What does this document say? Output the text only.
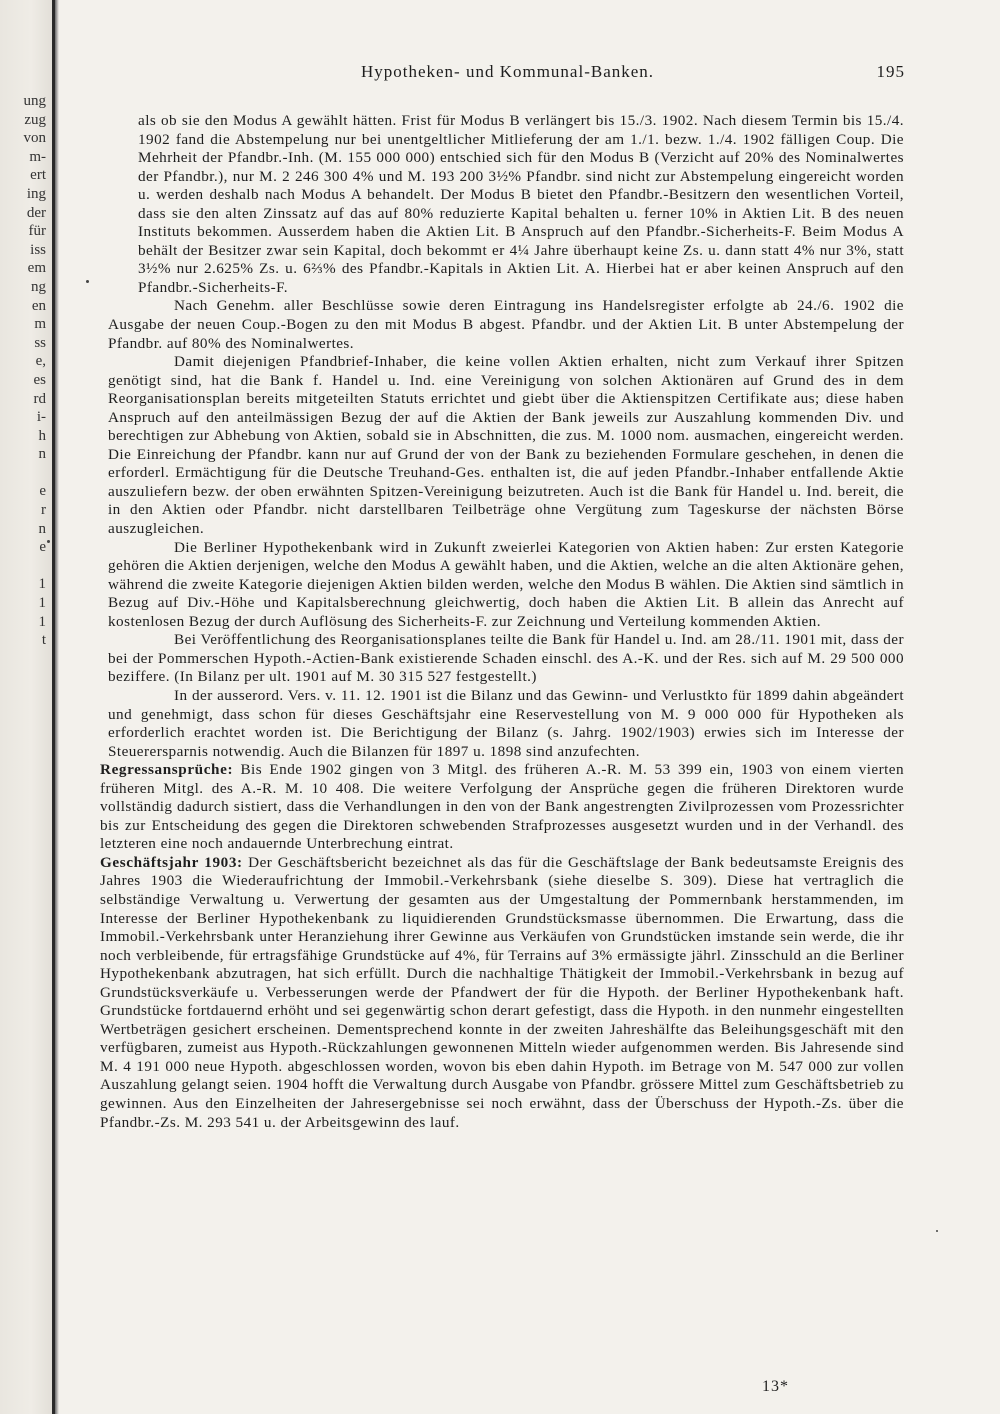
ung
zug
von
m-
ert
ing
der
für
iss
em
ng
en
m
ss
e,
es
rd
i-
h
n
e
r
n
e
1
1
1
t
Hypotheken- und Kommunal-Banken.	195

als ob sie den Modus A gewählt hätten. Frist für Modus B verlängert bis 15./3. 1902. Nach diesem Termin bis 15./4. 1902 fand die Abstempelung nur bei unentgeltlicher Mitlieferung der am 1./1. bezw. 1./4. 1902 fälligen Coup. Die Mehrheit der Pfandbr.-Inh. (M. 155 000 000) entschied sich für den Modus B (Verzicht auf 20% des Nominalwertes der Pfandbr.), nur M. 2 246 300 4% und M. 193 200 3½% Pfandbr. sind nicht zur Abstempelung eingereicht worden u. werden deshalb nach Modus A behandelt. Der Modus B bietet den Pfandbr.-Besitzern den wesentlichen Vorteil, dass sie den alten Zinssatz auf das auf 80% reduzierte Kapital behalten u. ferner 10% in Aktien Lit. B des neuen Instituts bekommen. Ausserdem haben die Aktien Lit. B Anspruch auf den Pfandbr.-Sicherheits-F. Beim Modus A behält der Besitzer zwar sein Kapital, doch bekommt er 4¼ Jahre überhaupt keine Zs. u. dann statt 4% nur 3%, statt 3½% nur 2.625% Zs. u. 6⅔% des Pfandbr.-Kapitals in Aktien Lit. A. Hierbei hat er aber keinen Anspruch auf den Pfandbr.-Sicherheits-F.

Nach Genehm. aller Beschlüsse sowie deren Eintragung ins Handelsregister erfolgte ab 24./6. 1902 die Ausgabe der neuen Coup.-Bogen zu den mit Modus B abgest. Pfandbr. und der Aktien Lit. B unter Abstempelung der Pfandbr. auf 80% des Nominalwertes.

Damit diejenigen Pfandbrief-Inhaber, die keine vollen Aktien erhalten, nicht zum Verkauf ihrer Spitzen genötigt sind, hat die Bank f. Handel u. Ind. eine Vereinigung von solchen Aktionären auf Grund des in dem Reorganisationsplan bereits mitgeteilten Statuts errichtet und giebt über die Aktienspitzen Certifikate aus; diese haben Anspruch auf den anteilmässigen Bezug der auf die Aktien der Bank jeweils zur Auszahlung kommenden Div. und berechtigen zur Abhebung von Aktien, sobald sie in Abschnitten, die zus. M. 1000 nom. ausmachen, eingereicht werden. Die Einreichung der Pfandbr. kann nur auf Grund der von der Bank zu beziehenden Formulare geschehen, in denen die erforderl. Ermächtigung für die Deutsche Treuhand-Ges. enthalten ist, die auf jeden Pfandbr.-Inhaber entfallende Aktie auszuliefern bezw. der oben erwähnten Spitzen-Vereinigung beizutreten. Auch ist die Bank für Handel u. Ind. bereit, die in den Aktien oder Pfandbr. nicht darstellbaren Teilbeträge ohne Vergütung zum Tageskurse der nächsten Börse auszugleichen.

Die Berliner Hypothekenbank wird in Zukunft zweierlei Kategorien von Aktien haben: Zur ersten Kategorie gehören die Aktien derjenigen, welche den Modus A gewählt haben, und die Aktien, welche an die alten Aktionäre gehen, während die zweite Kategorie diejenigen Aktien bilden werden, welche den Modus B wählen. Die Aktien sind sämtlich in Bezug auf Div.-Höhe und Kapitalsberechnung gleichwertig, doch haben die Aktien Lit. B allein das Anrecht auf kostenlosen Bezug der durch Auflösung des Sicherheits-F. zur Zeichnung und Verteilung kommenden Aktien.

Bei Veröffentlichung des Reorganisationsplanes teilte die Bank für Handel u. Ind. am 28./11. 1901 mit, dass der bei der Pommerschen Hypoth.-Actien-Bank existierende Schaden einschl. des A.-K. und der Res. sich auf M. 29 500 000 beziffere. (In Bilanz per ult. 1901 auf M. 30 315 527 festgestellt.)

In der ausserord. Vers. v. 11. 12. 1901 ist die Bilanz und das Gewinn- und Verlustkto für 1899 dahin abgeändert und genehmigt, dass schon für dieses Geschäftsjahr eine Reservestellung von M. 9 000 000 für Hypotheken als erforderlich erachtet worden ist. Die Berichtigung der Bilanz (s. Jahrg. 1902/1903) erwies sich im Interesse der Steuerersparnis notwendig. Auch die Bilanzen für 1897 u. 1898 sind anzufechten.

Regressansprüche: Bis Ende 1902 gingen von 3 Mitgl. des früheren A.-R. M. 53 399 ein, 1903 von einem vierten früheren Mitgl. des A.-R. M. 10 408. Die weitere Verfolgung der Ansprüche gegen die früheren Direktoren wurde vollständig dadurch sistiert, dass die Verhandlungen in den von der Bank angestrengten Zivilprozessen vom Prozessrichter bis zur Entscheidung des gegen die Direktoren schwebenden Strafprozesses ausgesetzt wurden und in der Verhandl. des letzteren eine noch andauernde Unterbrechung eintrat.

Geschäftsjahr 1903: Der Geschäftsbericht bezeichnet als das für die Geschäftslage der Bank bedeutsamste Ereignis des Jahres 1903 die Wiederaufrichtung der Immobil.-Verkehrsbank (siehe dieselbe S. 309). Diese hat vertraglich die selbständige Verwaltung u. Verwertung der gesamten aus der Umgestaltung der Pommernbank herstammenden, im Interesse der Berliner Hypothekenbank zu liquidierenden Grundstücksmasse übernommen. Die Erwartung, dass die Immobil.-Verkehrsbank unter Heranziehung ihrer Gewinne aus Verkäufen von Grundstücken imstande sein werde, die ihr noch verbleibende, für ertragsfähige Grundstücke auf 4%, für Terrains auf 3% ermässigte jährl. Zinsschuld an die Berliner Hypothekenbank abzutragen, hat sich erfüllt. Durch die nachhaltige Thätigkeit der Immobil.-Verkehrsbank in bezug auf Grundstücksverkäufe u. Verbesserungen werde der Pfandwert der für die Hypoth. der Berliner Hypothekenbank haft. Grundstücke fortdauernd erhöht und sei gegenwärtig schon derart gefestigt, dass die Hypoth. in den nunmehr eingestellten Wertbeträgen gesichert erscheinen. Dementsprechend konnte in der zweiten Jahreshälfte das Beleihungsgeschäft mit den verfügbaren, zumeist aus Hypoth.-Rückzahlungen gewonnenen Mitteln wieder aufgenommen werden. Bis Jahresende sind M. 4 191 000 neue Hypoth. abgeschlossen worden, wovon bis eben dahin Hypoth. im Betrage von M. 547 000 zur vollen Auszahlung gelangt seien. 1904 hofft die Verwaltung durch Ausgabe von Pfandbr. grössere Mittel zum Geschäftsbetrieb zu gewinnen. Aus den Einzelheiten der Jahresergebnisse sei noch erwähnt, dass der Überschuss der Hypoth.-Zs. über die Pfandbr.-Zs. M. 293 541 u. der Arbeitsgewinn des lauf.

13*
